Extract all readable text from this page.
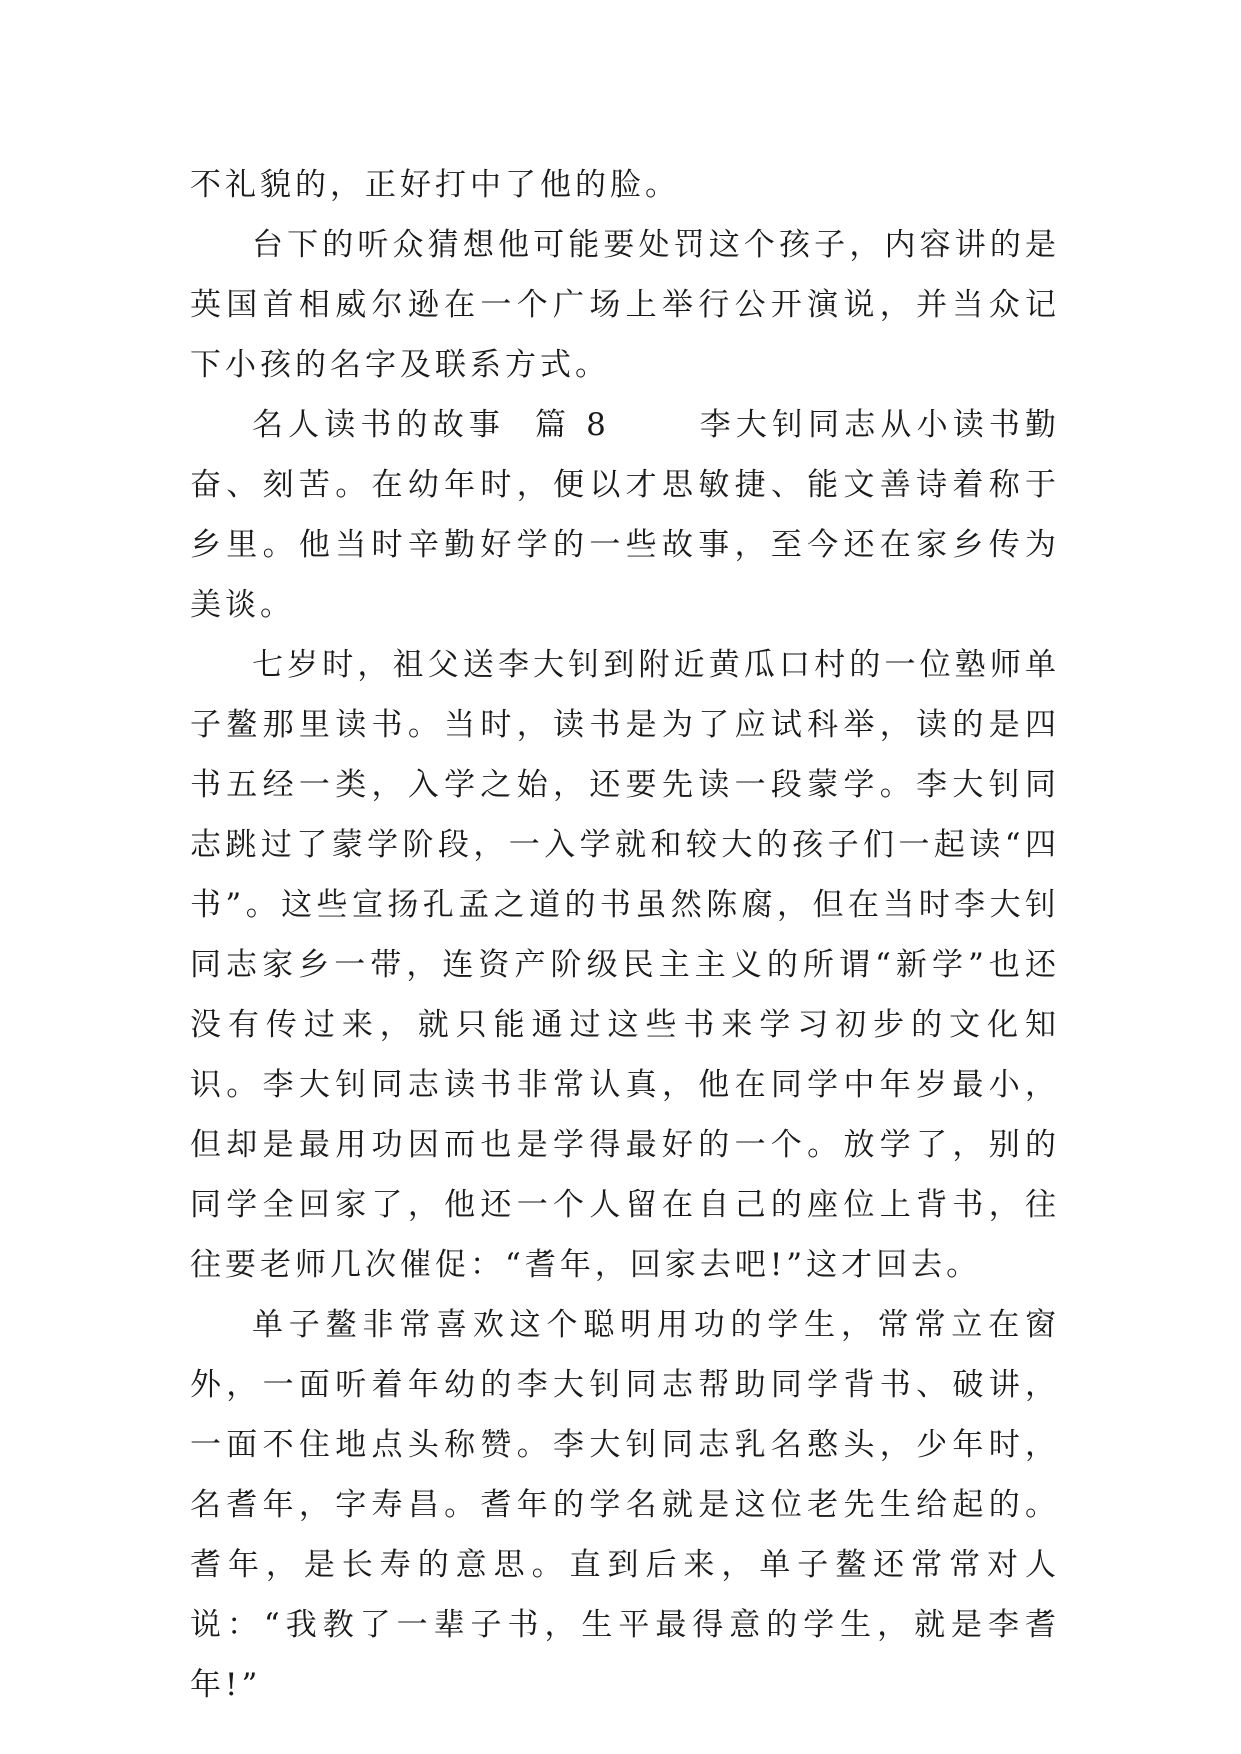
不礼貌的，正好打中了他的脸。

台下的听众猜想他可能要处罚这个孩子，内容讲的是英国首相威尔逊在一个广场上举行公开演说，并当众记下小孩的名字及联系方式。

名人读书的故事  篇 8      李大钊同志从小读书勤奋、刻苦。在幼年时，便以才思敏捷、能文善诗着称于乡里。他当时辛勤好学的一些故事，至今还在家乡传为美谈。

七岁时，祖父送李大钊到附近黄瓜口村的一位塾师单子鳌那里读书。当时，读书是为了应试科举，读的是四书五经一类，入学之始，还要先读一段蒙学。李大钊同志跳过了蒙学阶段，一入学就和较大的孩子们一起读“四书”。这些宣扬孔孟之道的书虽然陈腐，但在当时李大钊同志家乡一带，连资产阶级民主主义的所谓“新学”也还没有传过来，就只能通过这些书来学习初步的文化知识。李大钊同志读书非常认真，他在同学中年岁最小，但却是最用功因而也是学得最好的一个。放学了，别的同学全回家了，他还一个人留在自己的座位上背书，往往要老师几次催促：“耆年，回家去吧!”这才回去。

单子鳌非常喜欢这个聪明用功的学生，常常立在窗外，一面听着年幼的李大钊同志帮助同学背书、破讲，一面不住地点头称赞。李大钊同志乳名憨头，少年时，名耆年，字寿昌。耆年的学名就是这位老先生给起的。耆年，是长寿的意思。直到后来，单子鳌还常常对人说：“我教了一辈子书，生平最得意的学生，就是李耆年!”
